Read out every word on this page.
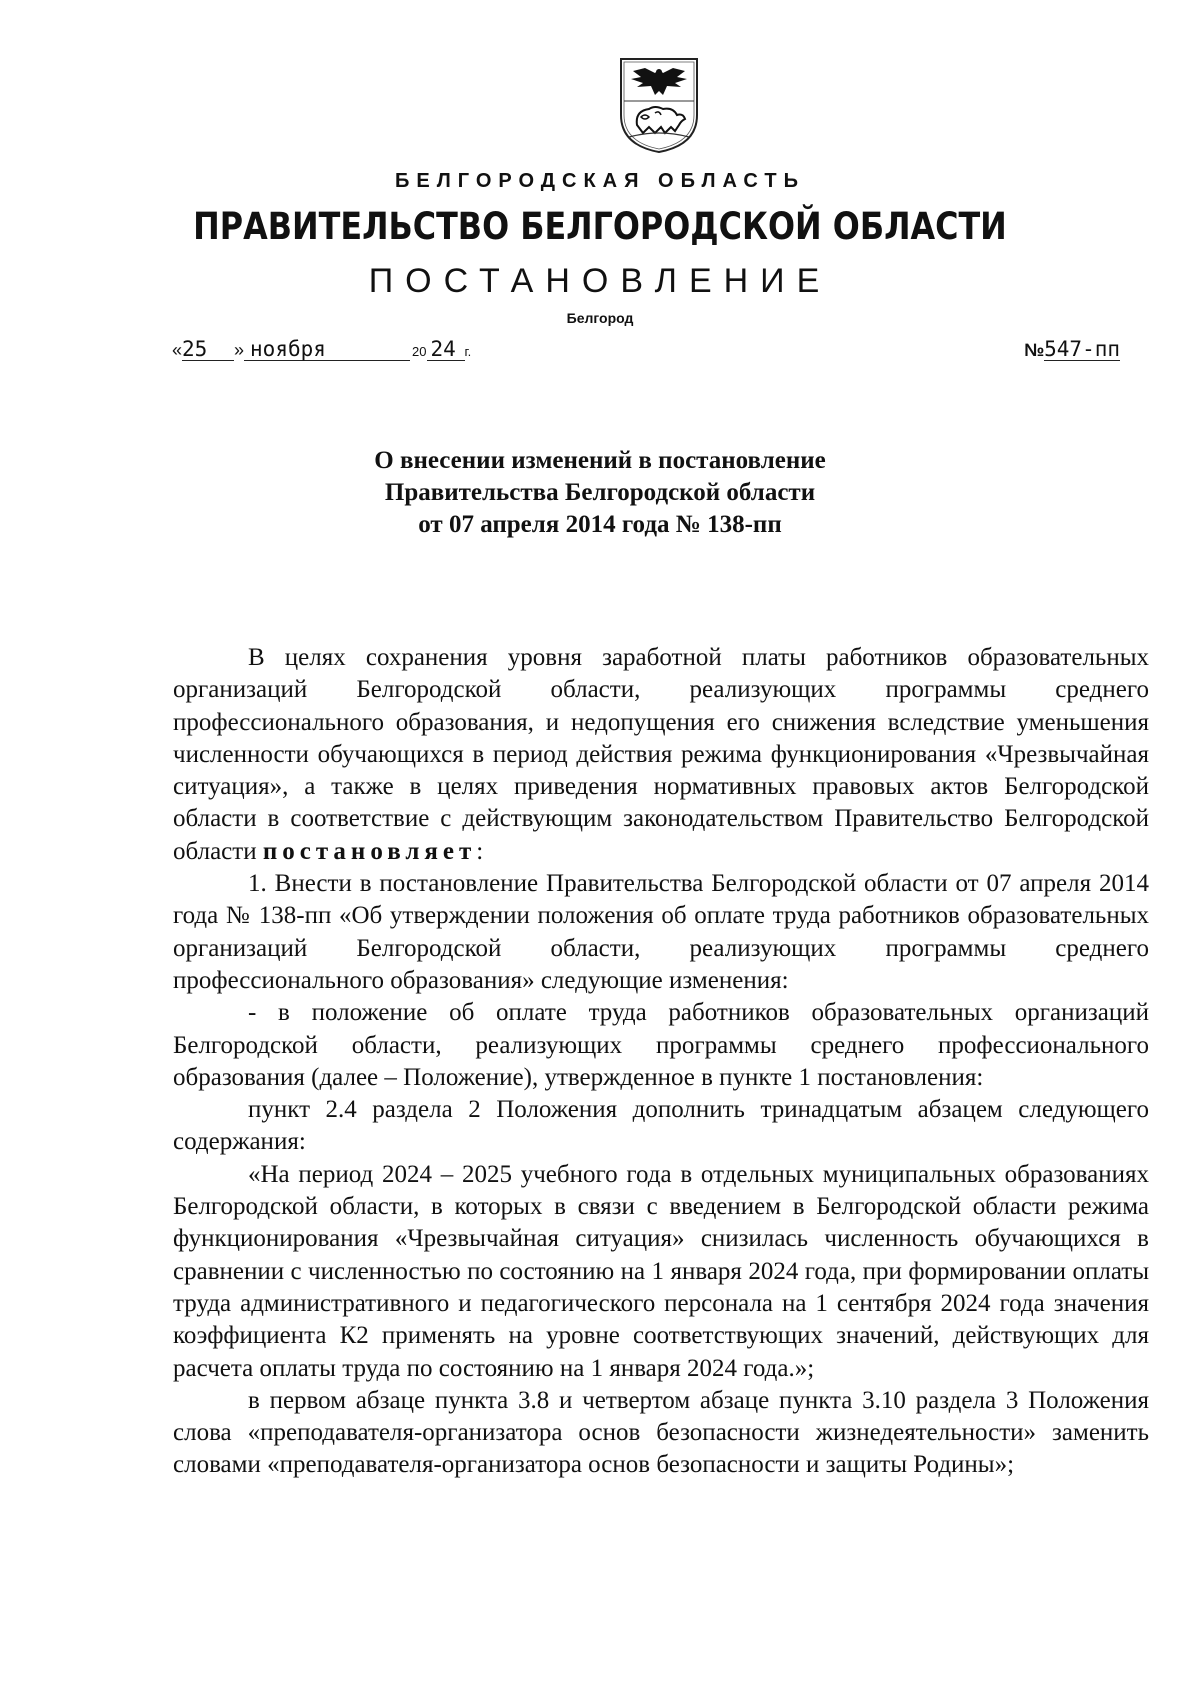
БЕЛГОРОДСКАЯ ОБЛАСТЬ
ПРАВИТЕЛЬСТВО БЕЛГОРОДСКОЙ ОБЛАСТИ
ПОСТАНОВЛЕНИЕ
Белгород
«25 » ноября	20 24 г.	№547-пп
О внесении изменений в постановление
Правительства Белгородской области
от 07 апреля 2014 года № 138-пп

В целях сохранения уровня заработной платы работников образовательных организаций Белгородской области, реализующих программы среднего профессионального образования, и недопущения его снижения вследствие уменьшения численности обучающихся в период действия режима функционирования «Чрезвычайная ситуация», а также в целях приведения нормативных правовых актов Белгородской области в соответствие с действующим законодательством Правительство Белгородской области постановляет:

1. Внести в постановление Правительства Белгородской области от 07 апреля 2014 года № 138-пп «Об утверждении положения об оплате труда работников образовательных организаций Белгородской области, реализующих программы среднего профессионального образования» следующие изменения:

- в положение об оплате труда работников образовательных организаций Белгородской области, реализующих программы среднего профессионального образования (далее – Положение), утвержденное в пункте 1 постановления:

пункт 2.4 раздела 2 Положения дополнить тринадцатым абзацем следующего содержания:

«На период 2024 – 2025 учебного года в отдельных муниципальных образованиях Белгородской области, в которых в связи с введением в Белгородской области режима функционирования «Чрезвычайная ситуация» снизилась численность обучающихся в сравнении с численностью по состоянию на 1 января 2024 года, при формировании оплаты труда административного и педагогического персонала на 1 сентября 2024 года значения коэффициента К2 применять на уровне соответствующих значений, действующих для расчета оплаты труда по состоянию на 1 января 2024 года.»;

в первом абзаце пункта 3.8 и четвертом абзаце пункта 3.10 раздела 3 Положения слова «преподавателя-организатора основ безопасности жизнедеятельности» заменить словами «преподавателя-организатора основ безопасности и защиты Родины»;
